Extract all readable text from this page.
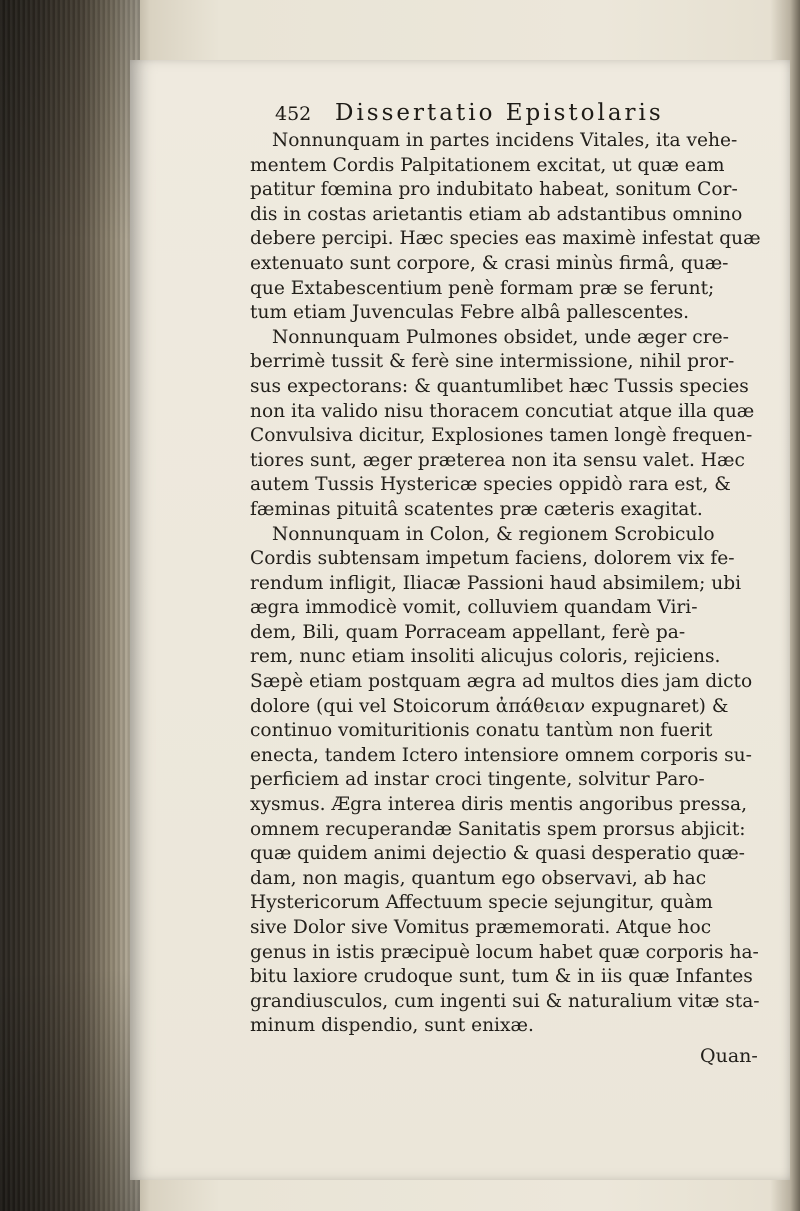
452	Dissertatio Epistolaris
Nonnunquam in partes incidens Vitales, ita vehe-
mentem Cordis Palpitationem excitat, ut quæ eam
patitur fœmina pro indubitato habeat, sonitum Cor-
dis in costas arietantis etiam ab adstantibus omnino
debere percipi. Hæc species eas maximè infestat quæ
extenuato sunt corpore, & crasi minùs firmâ, quæ-
que Extabescentium penè formam præ se ferunt;
tum etiam Juvenculas Febre albâ pallescentes.
Nonnunquam Pulmones obsidet, unde æger cre-
berrimè tussit & ferè sine intermissione, nihil pror-
sus expectorans: & quantumlibet hæc Tussis species
non ita valido nisu thoracem concutiat atque illa quæ
Convulsiva dicitur, Explosiones tamen longè frequen-
tiores sunt, æger præterea non ita sensu valet. Hæc
autem Tussis Hystericæ species oppidò rara est, &
fæminas pituitâ scatentes præ cæteris exagitat.
Nonnunquam in Colon, & regionem Scrobiculo
Cordis subtensam impetum faciens, dolorem vix fe-
rendum infligit, Iliacæ Passioni haud absimilem; ubi
ægra immodicè vomit, colluviem quandam Viri-
dem, Bili, quam Porraceam appellant, ferè pa-
rem, nunc etiam insoliti alicujus coloris, rejiciens.
Sæpè etiam postquam ægra ad multos dies jam dicto
dolore (qui vel Stoicorum ἀπάθειαν expugnaret) &
continuo vomituritionis conatu tantùm non fuerit
enecta, tandem Ictero intensiore omnem corporis su-
perficiem ad instar croci tingente, solvitur Paro-
xysmus. Ægra interea diris mentis angoribus pressa,
omnem recuperandæ Sanitatis spem prorsus abjicit:
quæ quidem animi dejectio & quasi desperatio quæ-
dam, non magis, quantum ego observavi, ab hac
Hystericorum Affectuum specie sejungitur, quàm
sive Dolor sive Vomitus præmemorati. Atque hoc
genus in istis præcipuè locum habet quæ corporis ha-
bitu laxiore crudoque sunt, tum & in iis quæ Infantes
grandiusculos, cum ingenti sui & naturalium vitæ sta-
minum dispendio, sunt enixæ.
Quan-
